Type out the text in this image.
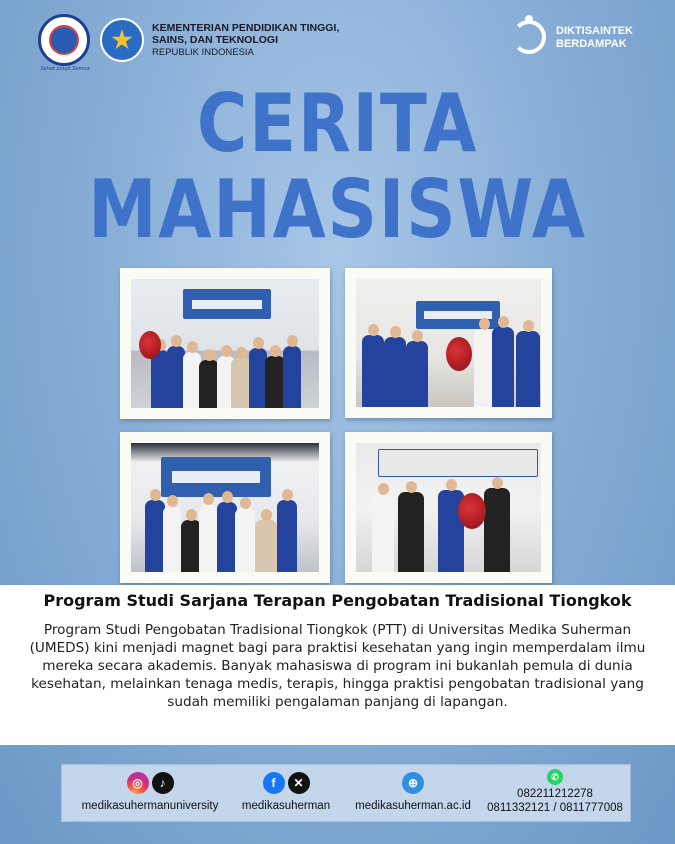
Sehat untuk Semua
KEMENTERIAN PENDIDIKAN TINGGI,
SAINS, DAN TEKNOLOGI
REPUBLIK INDONESIA
DIKTISAINTEK
BERDAMPAK
CERITA
MAHASISWA
Program Studi Sarjana Terapan Pengobatan Tradisional Tiongkok
Program Studi Pengobatan Tradisional Tiongkok (PTT) di Universitas Medika Suherman (UMEDS) kini menjadi magnet bagi para praktisi kesehatan yang ingin memperdalam ilmu mereka secara akademis. Banyak mahasiswa di program ini bukanlah pemula di dunia kesehatan, melainkan tenaga medis, terapis, hingga praktisi pengobatan tradisional yang sudah memiliki pengalaman panjang di lapangan.
◎	♪
medikasuhermanuniversity
f	✕
medikasuherman
⊕
medikasuherman.ac.id
✆
082211212278
0811332121 / 0811777008
